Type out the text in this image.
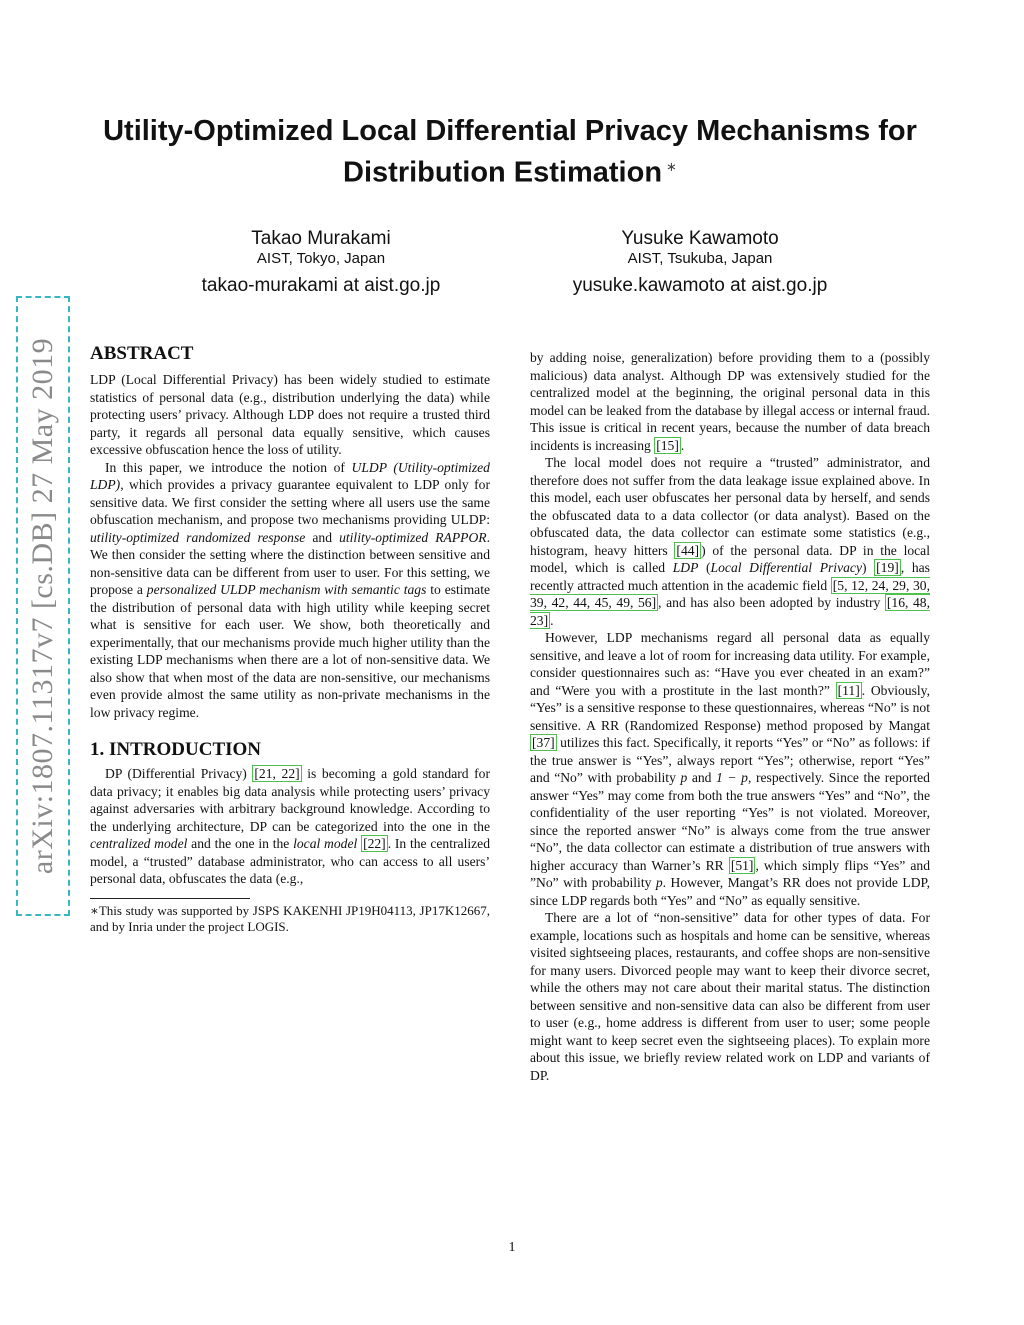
arXiv:1807.11317v7 [cs.DB] 27 May 2019
Utility-Optimized Local Differential Privacy Mechanisms for
Distribution Estimation ∗
Takao Murakami
AIST, Tokyo, Japan
takao-murakami at aist.go.jp
Yusuke Kawamoto
AIST, Tsukuba, Japan
yusuke.kawamoto at aist.go.jp
ABSTRACT

LDP (Local Differential Privacy) has been widely studied to estimate statistics of personal data (e.g., distribution underlying the data) while protecting users’ privacy. Although LDP does not require a trusted third party, it regards all personal data equally sensitive, which causes excessive obfuscation hence the loss of utility.

In this paper, we introduce the notion of ULDP (Utility-optimized LDP), which provides a privacy guarantee equivalent to LDP only for sensitive data. We first consider the setting where all users use the same obfuscation mechanism, and propose two mechanisms providing ULDP: utility-optimized randomized response and utility-optimized RAPPOR. We then consider the setting where the distinction between sensitive and non-sensitive data can be different from user to user. For this setting, we propose a personalized ULDP mechanism with semantic tags to estimate the distribution of personal data with high utility while keeping secret what is sensitive for each user. We show, both theoretically and experimentally, that our mechanisms provide much higher utility than the existing LDP mechanisms when there are a lot of non-sensitive data. We also show that when most of the data are non-sensitive, our mechanisms even provide almost the same utility as non-private mechanisms in the low privacy regime.

1. INTRODUCTION

DP (Differential Privacy) [21, 22] is becoming a gold standard for data privacy; it enables big data analysis while protecting users’ privacy against adversaries with arbitrary background knowledge. According to the underlying architecture, DP can be categorized into the one in the centralized model and the one in the local model [22] . In the centralized model, a “trusted” database administrator, who can access to all users’ personal data, obfuscates the data (e.g.,

∗This study was supported by JSPS KAKENHI JP19H04113, JP17K12667, and by Inria under the project LOGIS.

by adding noise, generalization) before providing them to a (possibly malicious) data analyst. Although DP was extensively studied for the centralized model at the beginning, the original personal data in this model can be leaked from the database by illegal access or internal fraud. This issue is critical in recent years, because the number of data breach incidents is increasing [15] .

The local model does not require a “trusted” administrator, and therefore does not suffer from the data leakage issue explained above. In this model, each user obfuscates her personal data by herself, and sends the obfuscated data to a data collector (or data analyst). Based on the obfuscated data, the data collector can estimate some statistics (e.g., histogram, heavy hitters [44] ) of the personal data. DP in the local model, which is called LDP (Local Differential Privacy) [19] , has recently attracted much attention in the academic field [5, 12, 24, 29, 30, 39, 42, 44, 45, 49, 56] , and has also been adopted by industry [16, 48, 23] .

However, LDP mechanisms regard all personal data as equally sensitive, and leave a lot of room for increasing data utility. For example, consider questionnaires such as: “Have you ever cheated in an exam?” and “Were you with a prostitute in the last month?” [11] . Obviously, “Yes” is a sensitive response to these questionnaires, whereas “No” is not sensitive. A RR (Randomized Response) method proposed by Mangat [37] utilizes this fact. Specifically, it reports “Yes” or “No” as follows: if the true answer is “Yes”, always report “Yes”; otherwise, report “Yes” and “No” with probability p and 1 − p, respectively. Since the reported answer “Yes” may come from both the true answers “Yes” and “No”, the confidentiality of the user reporting “Yes” is not violated. Moreover, since the reported answer “No” is always come from the true answer “No”, the data collector can estimate a distribution of true answers with higher accuracy than Warner’s RR [51] , which simply flips “Yes” and ”No” with probability p. However, Mangat’s RR does not provide LDP, since LDP regards both “Yes” and “No” as equally sensitive.

There are a lot of “non-sensitive” data for other types of data. For example, locations such as hospitals and home can be sensitive, whereas visited sightseeing places, restaurants, and coffee shops are non-sensitive for many users. Divorced people may want to keep their divorce secret, while the others may not care about their marital status. The distinction between sensitive and non-sensitive data can also be different from user to user (e.g., home address is different from user to user; some people might want to keep secret even the sightseeing places). To explain more about this issue, we briefly review related work on LDP and variants of DP.

1
